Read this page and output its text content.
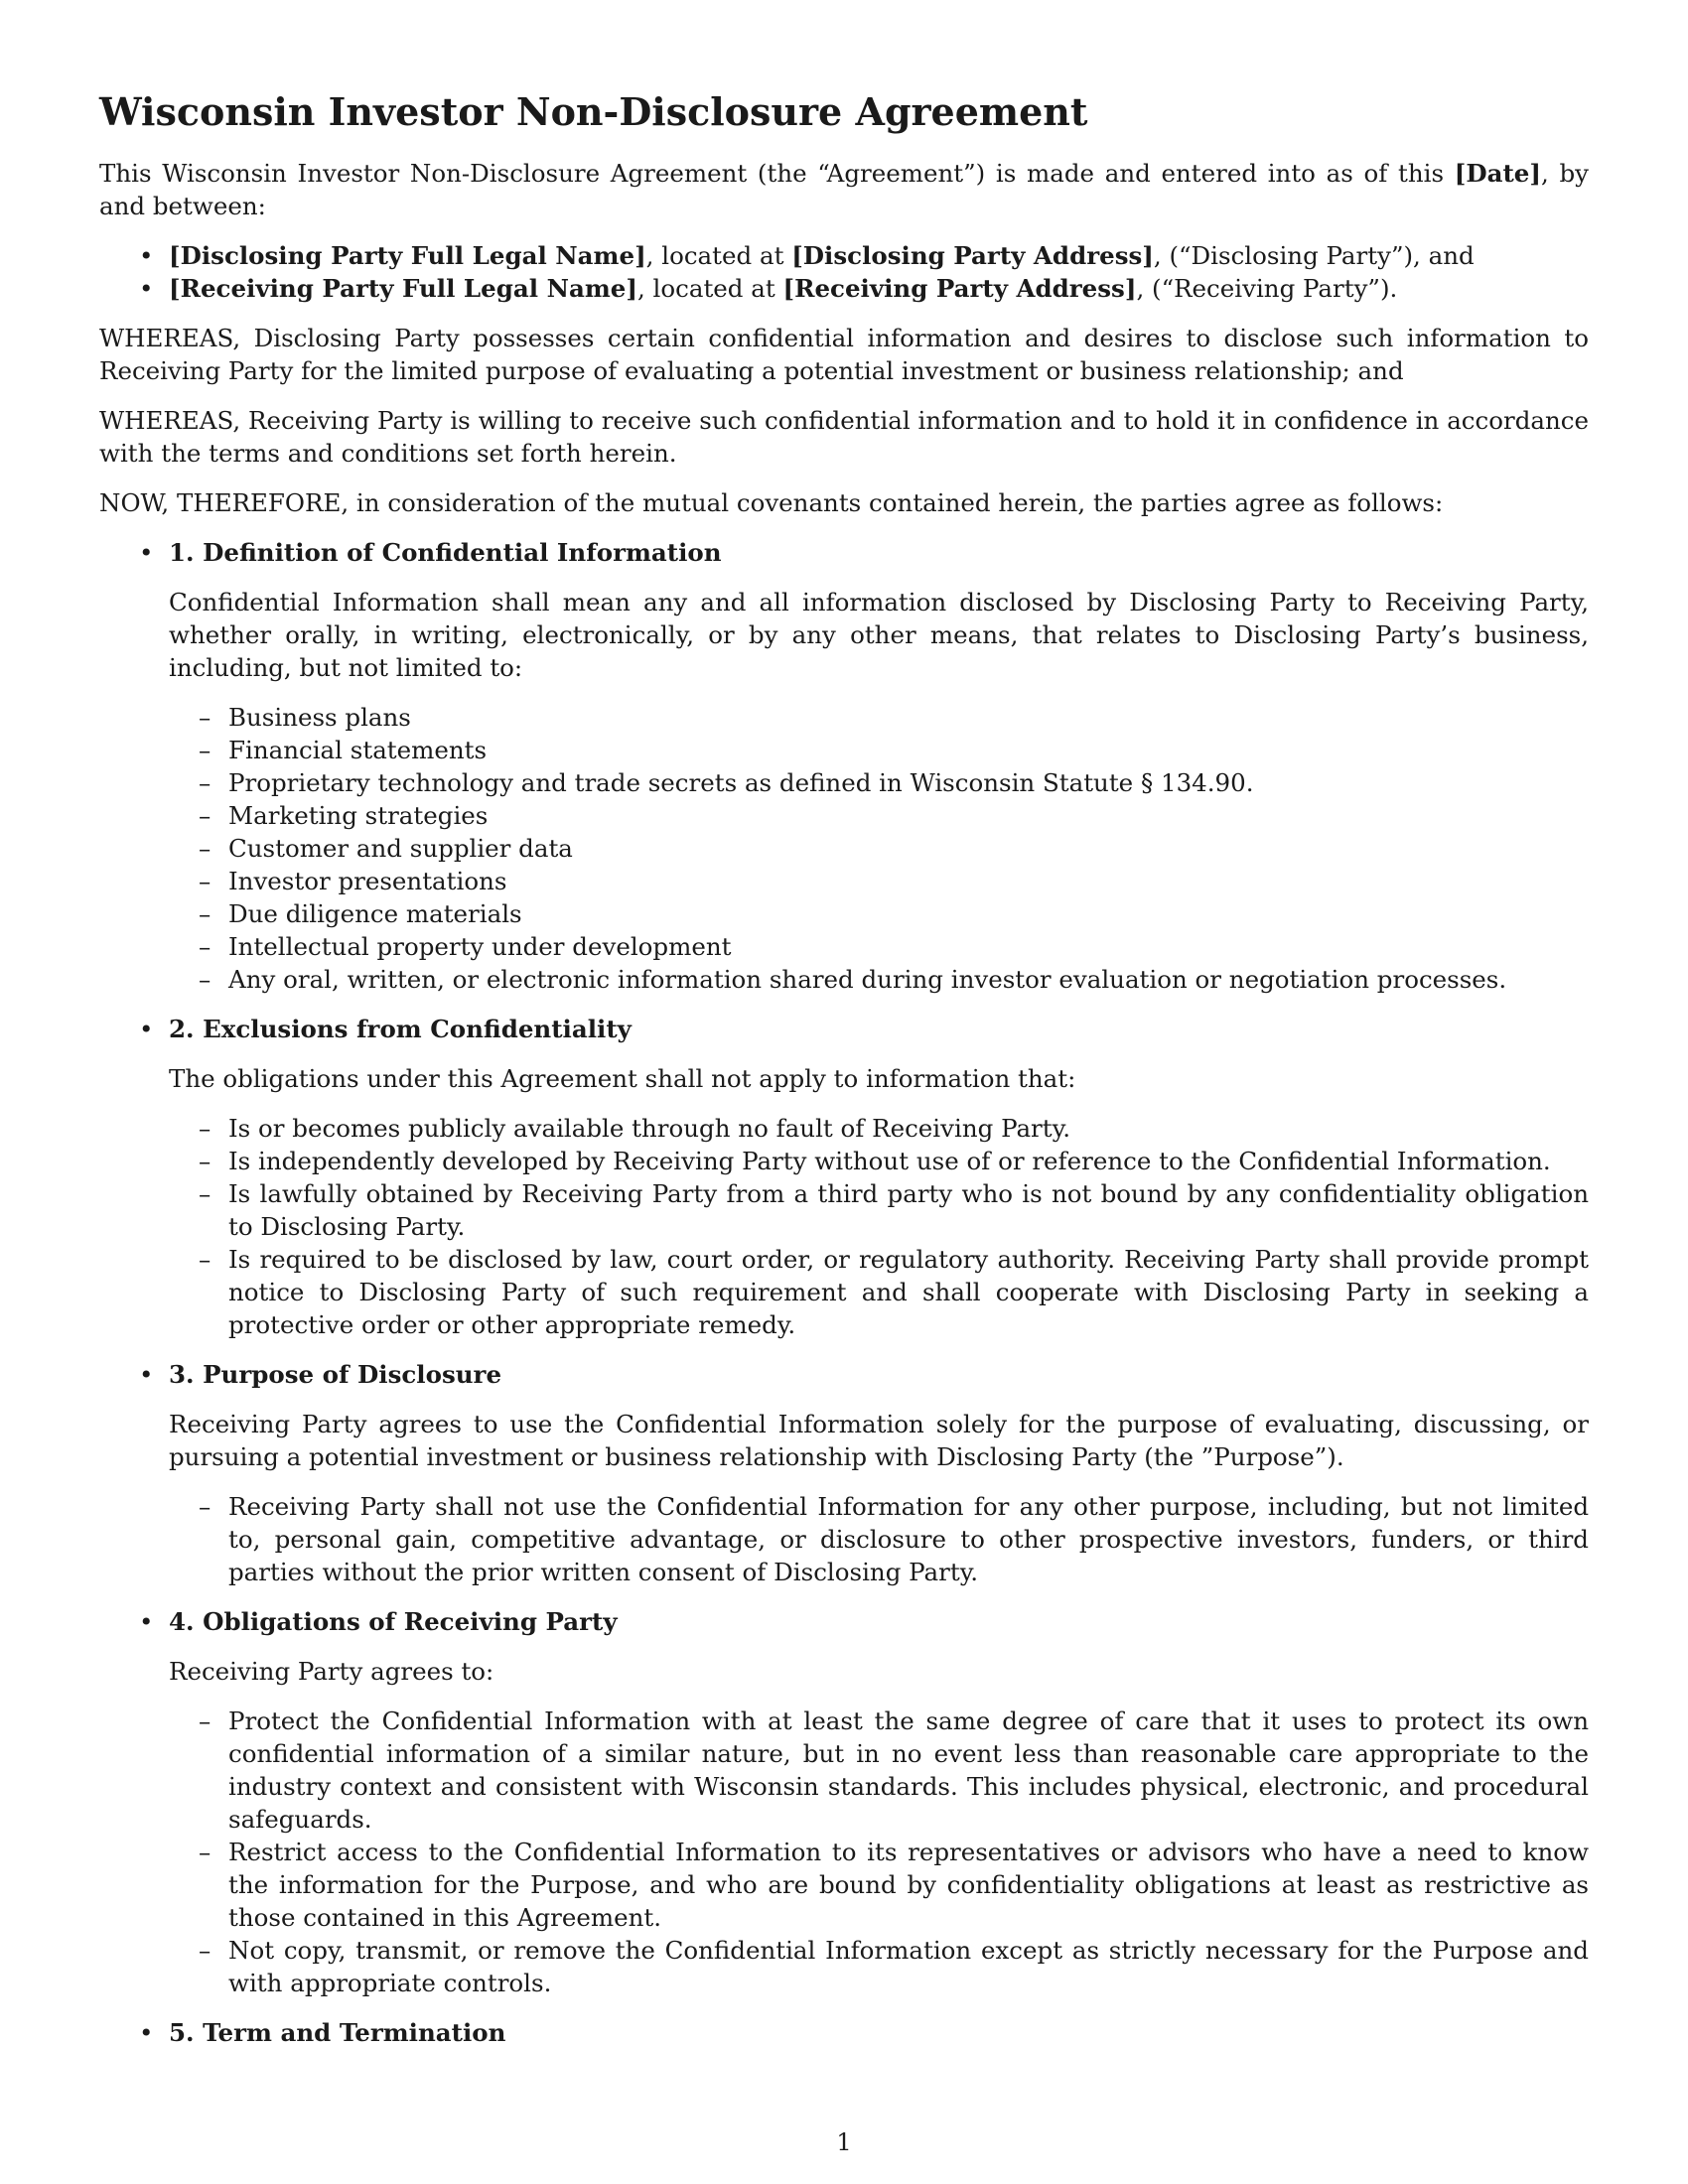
Wisconsin Investor Non-Disclosure Agreement

This Wisconsin Investor Non-Disclosure Agreement (the “Agreement”) is made and entered into as of this [Date], by and between:

• [Disclosing Party Full Legal Name], located at [Disclosing Party Address], (“Disclosing Party”), and
• [Receiving Party Full Legal Name], located at [Receiving Party Address], (“Receiving Party”).

WHEREAS, Disclosing Party possesses certain confidential information and desires to disclose such information to Receiving Party for the limited purpose of evaluating a potential investment or business relationship; and

WHEREAS, Receiving Party is willing to receive such confidential information and to hold it in confidence in accordance with the terms and conditions set forth herein.

NOW, THEREFORE, in consideration of the mutual covenants contained herein, the parties agree as follows:

• 1. Definition of Confidential Information

Confidential Information shall mean any and all information disclosed by Disclosing Party to Receiving Party, whether orally, in writing, electronically, or by any other means, that relates to Disclosing Party’s business, including, but not limited to:

– Business plans
– Financial statements
– Proprietary technology and trade secrets as defined in Wisconsin Statute § 134.90.
– Marketing strategies
– Customer and supplier data
– Investor presentations
– Due diligence materials
– Intellectual property under development
– Any oral, written, or electronic information shared during investor evaluation or negotiation processes.
• 2. Exclusions from Confidentiality

The obligations under this Agreement shall not apply to information that:

– Is or becomes publicly available through no fault of Receiving Party.
– Is independently developed by Receiving Party without use of or reference to the Confidential Information.
– Is lawfully obtained by Receiving Party from a third party who is not bound by any confidentiality obligation to Disclosing Party.
– Is required to be disclosed by law, court order, or regulatory authority. Receiving Party shall provide prompt notice to Disclosing Party of such requirement and shall cooperate with Disclosing Party in seeking a protective order or other appropriate remedy.
• 3. Purpose of Disclosure

Receiving Party agrees to use the Confidential Information solely for the purpose of evaluating, discussing, or pursuing a potential investment or business relationship with Disclosing Party (the ”Purpose”).

– Receiving Party shall not use the Confidential Information for any other purpose, including, but not limited to, personal gain, competitive advantage, or disclosure to other prospective investors, funders, or third parties without the prior written consent of Disclosing Party.
• 4. Obligations of Receiving Party

Receiving Party agrees to:

– Protect the Confidential Information with at least the same degree of care that it uses to protect its own confidential information of a similar nature, but in no event less than reasonable care appropriate to the industry context and consistent with Wisconsin standards. This includes physical, electronic, and procedural safeguards.
– Restrict access to the Confidential Information to its representatives or advisors who have a need to know the information for the Purpose, and who are bound by confidentiality obligations at least as restrictive as those contained in this Agreement.
– Not copy, transmit, or remove the Confidential Information except as strictly necessary for the Purpose and with appropriate controls.
• 5. Term and Termination
1
